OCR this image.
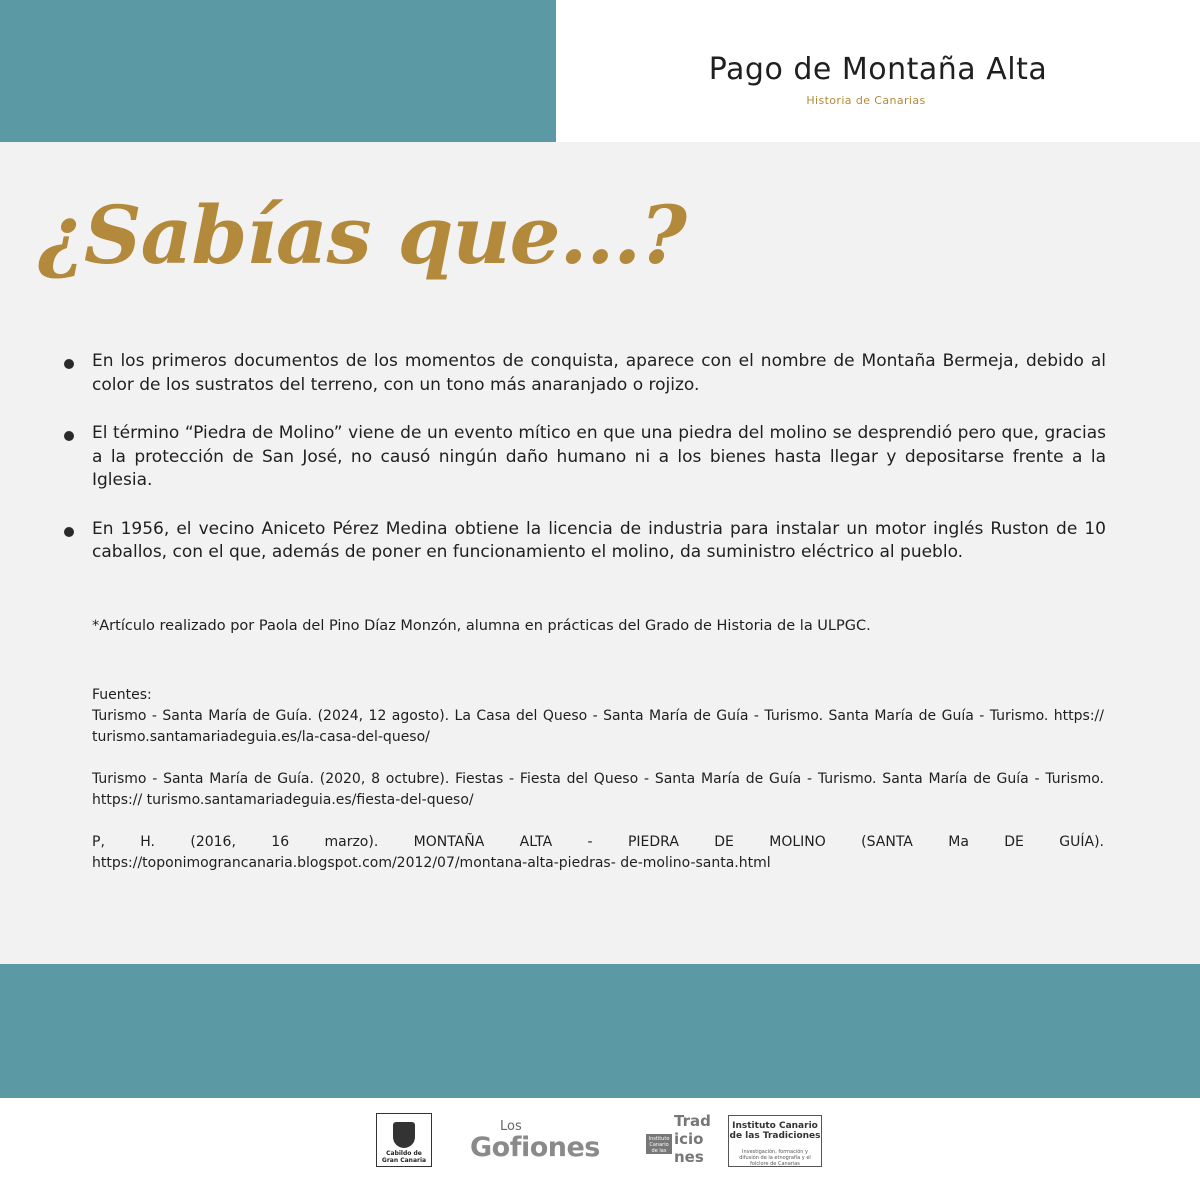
Pago de Montaña Alta
Historia de Canarias
¿Sabías que...?
En los primeros documentos de los momentos de conquista, aparece con el nombre de Montaña Bermeja, debido al color de los sustratos del terreno, con un tono más anaranjado o rojizo.
El término “Piedra de Molino” viene de un evento mítico en que una piedra del molino se desprendió pero que, gracias a la protección de San José, no causó ningún daño humano ni a los bienes hasta llegar y depositarse frente a la Iglesia.
En 1956, el vecino Aniceto Pérez Medina obtiene la licencia de industria para instalar un motor inglés Ruston de 10 caballos, con el que, además de poner en funcionamiento el molino, da suministro eléctrico al pueblo.

*Artículo realizado por Paola del Pino Díaz Monzón, alumna en prácticas del Grado de Historia de la ULPGC.

Fuentes:

Turismo - Santa María de Guía. (2024, 12 agosto). La Casa del Queso - Santa María de Guía - Turismo. Santa María de Guía - Turismo. https:// turismo.santamariadeguia.es/la-casa-del-queso/

Turismo - Santa María de Guía. (2020, 8 octubre). Fiestas - Fiesta del Queso - Santa María de Guía - Turismo. Santa María de Guía - Turismo. https:// turismo.santamariadeguia.es/fiesta-del-queso/

P, H. (2016, 16 marzo). MONTAÑA ALTA - PIEDRA DE MOLINO (SANTA Ma DE GUÍA). https://toponimograncanaria.blogspot.com/2012/07/montana-alta-piedras- de-molino-santa.html

Cabildo de
Gran Canaria
Los
Gofiones	Instituto Canario de las
Trad
icio
nes
Instituto Canario
de las Tradiciones
Investigación, formación y difusión de la etnografía y el folclore de Canarias
